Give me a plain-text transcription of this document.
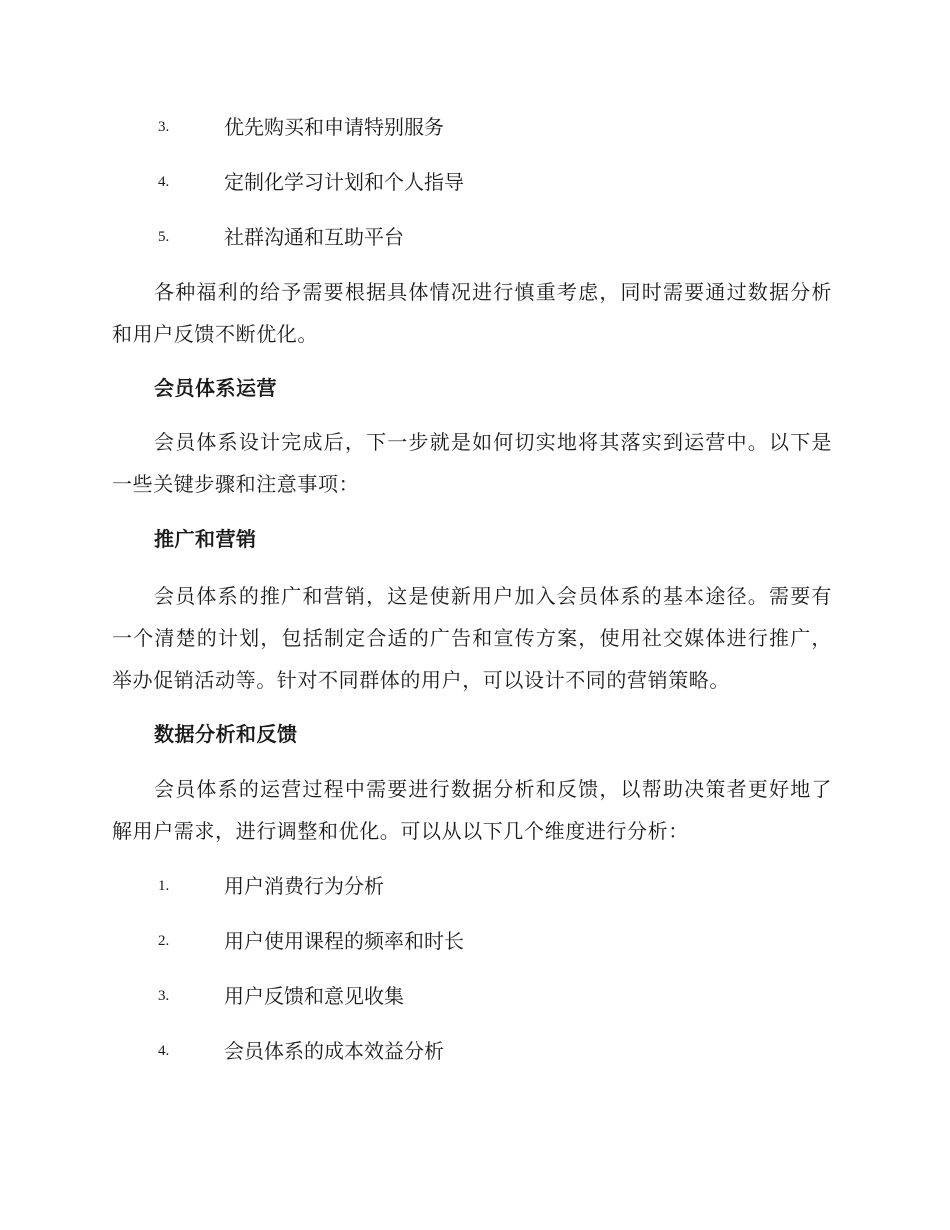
3.	优先购买和申请特别服务
4.	定制化学习计划和个人指导
5.	社群沟通和互助平台

各种福利的给予需要根据具体情况进行慎重考虑，同时需要通过数据分析和用户反馈不断优化。

会员体系运营

会员体系设计完成后，下一步就是如何切实地将其落实到运营中。以下是一些关键步骤和注意事项：

推广和营销

会员体系的推广和营销，这是使新用户加入会员体系的基本途径。需要有一个清楚的计划，包括制定合适的广告和宣传方案，使用社交媒体进行推广，举办促销活动等。针对不同群体的用户，可以设计不同的营销策略。

数据分析和反馈

会员体系的运营过程中需要进行数据分析和反馈，以帮助决策者更好地了解用户需求，进行调整和优化。可以从以下几个维度进行分析：

1.	用户消费行为分析
2.	用户使用课程的频率和时长
3.	用户反馈和意见收集
4.	会员体系的成本效益分析
